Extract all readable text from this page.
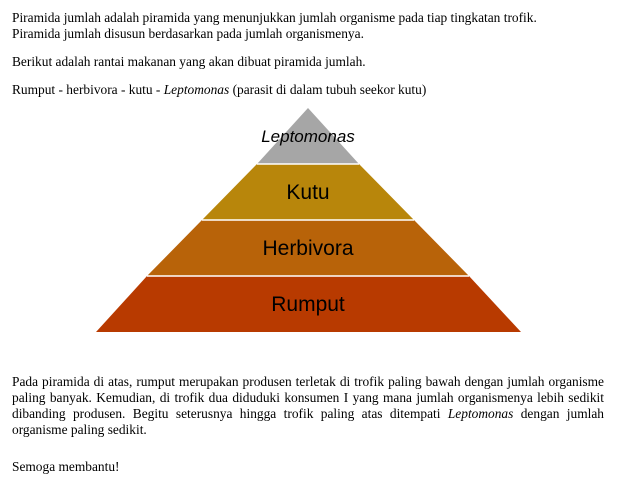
Piramida jumlah adalah piramida yang menunjukkan jumlah organisme pada tiap tingkatan trofik.
Piramida jumlah disusun berdasarkan pada jumlah organismenya.

Berikut adalah rantai makanan yang akan dibuat piramida jumlah.

Rumput - herbivora - kutu - Leptomonas (parasit di dalam tubuh seekor kutu)

Leptomonas
Kutu
Herbivora
Rumput

Pada piramida di atas, rumput merupakan produsen terletak di trofik paling bawah dengan jumlah organisme paling banyak. Kemudian, di trofik dua diduduki konsumen I yang mana jumlah organismenya lebih sedikit dibanding produsen. Begitu seterusnya hingga trofik paling atas ditempati Leptomonas dengan jumlah organisme paling sedikit.

Semoga membantu!
